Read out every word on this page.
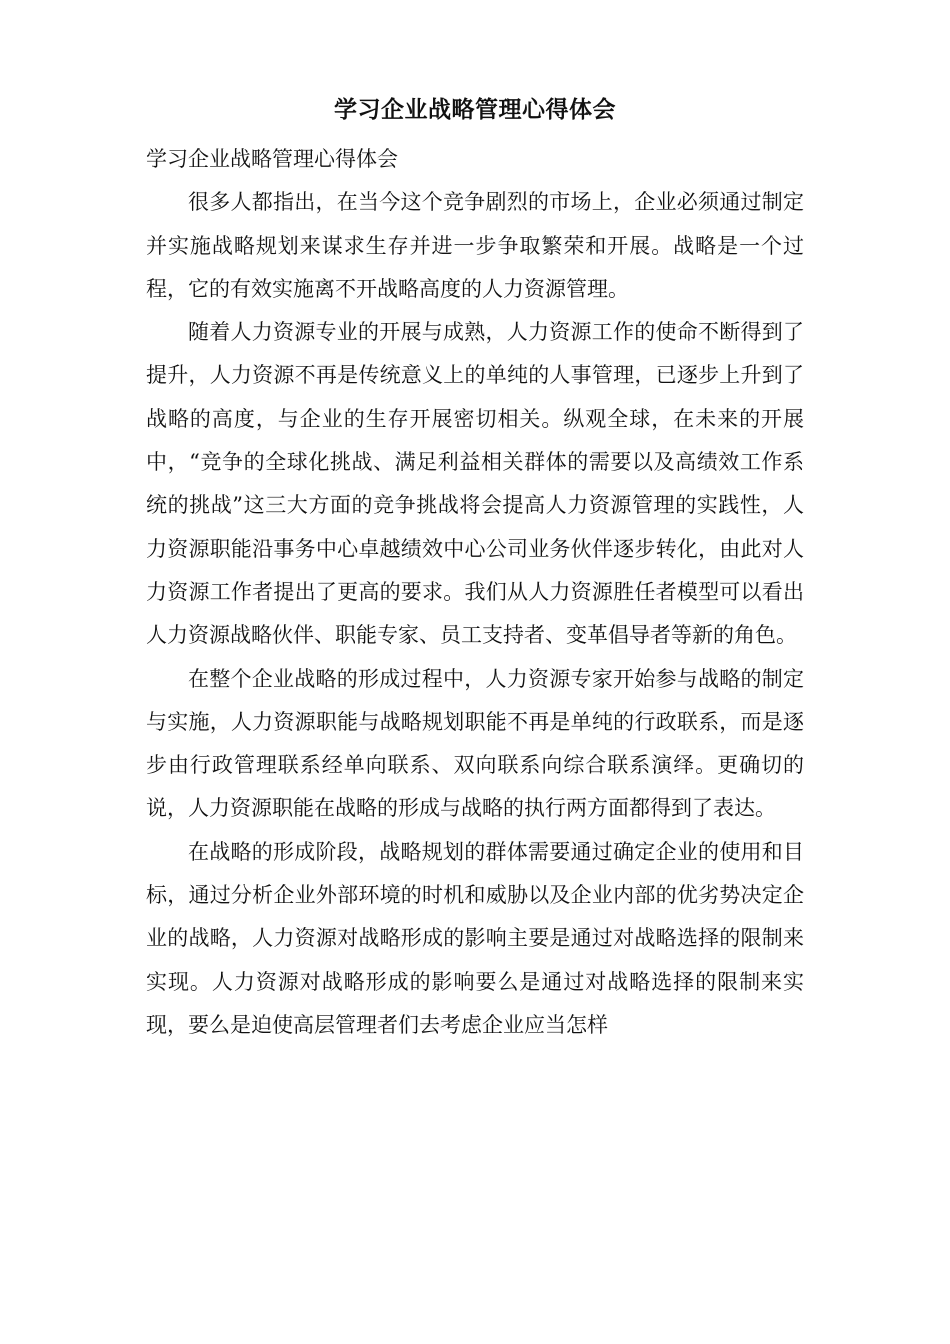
学习企业战略管理心得体会

学习企业战略管理心得体会

很多人都指出，在当今这个竞争剧烈的市场上，企业必须通过制定并实施战略规划来谋求生存并进一步争取繁荣和开展。战略是一个过程，它的有效实施离不开战略高度的人力资源管理。

随着人力资源专业的开展与成熟，人力资源工作的使命不断得到了提升，人力资源不再是传统意义上的单纯的人事管理，已逐步上升到了战略的高度，与企业的生存开展密切相关。纵观全球，在未来的开展中，“竞争的全球化挑战、满足利益相关群体的需要以及高绩效工作系统的挑战”这三大方面的竞争挑战将会提高人力资源管理的实践性，人力资源职能沿事务中心卓越绩效中心公司业务伙伴逐步转化，由此对人力资源工作者提出了更高的要求。我们从人力资源胜任者模型可以看出人力资源战略伙伴、职能专家、员工支持者、变革倡导者等新的角色。

在整个企业战略的形成过程中，人力资源专家开始参与战略的制定与实施，人力资源职能与战略规划职能不再是单纯的行政联系，而是逐步由行政管理联系经单向联系、双向联系向综合联系演绎。更确切的说，人力资源职能在战略的形成与战略的执行两方面都得到了表达。

在战略的形成阶段，战略规划的群体需要通过确定企业的使用和目标，通过分析企业外部环境的时机和威胁以及企业内部的优劣势决定企业的战略，人力资源对战略形成的影响主要是通过对战略选择的限制来实现。人力资源对战略形成的影响要么是通过对战略选择的限制来实现，要么是迫使高层管理者们去考虑企业应当怎样
